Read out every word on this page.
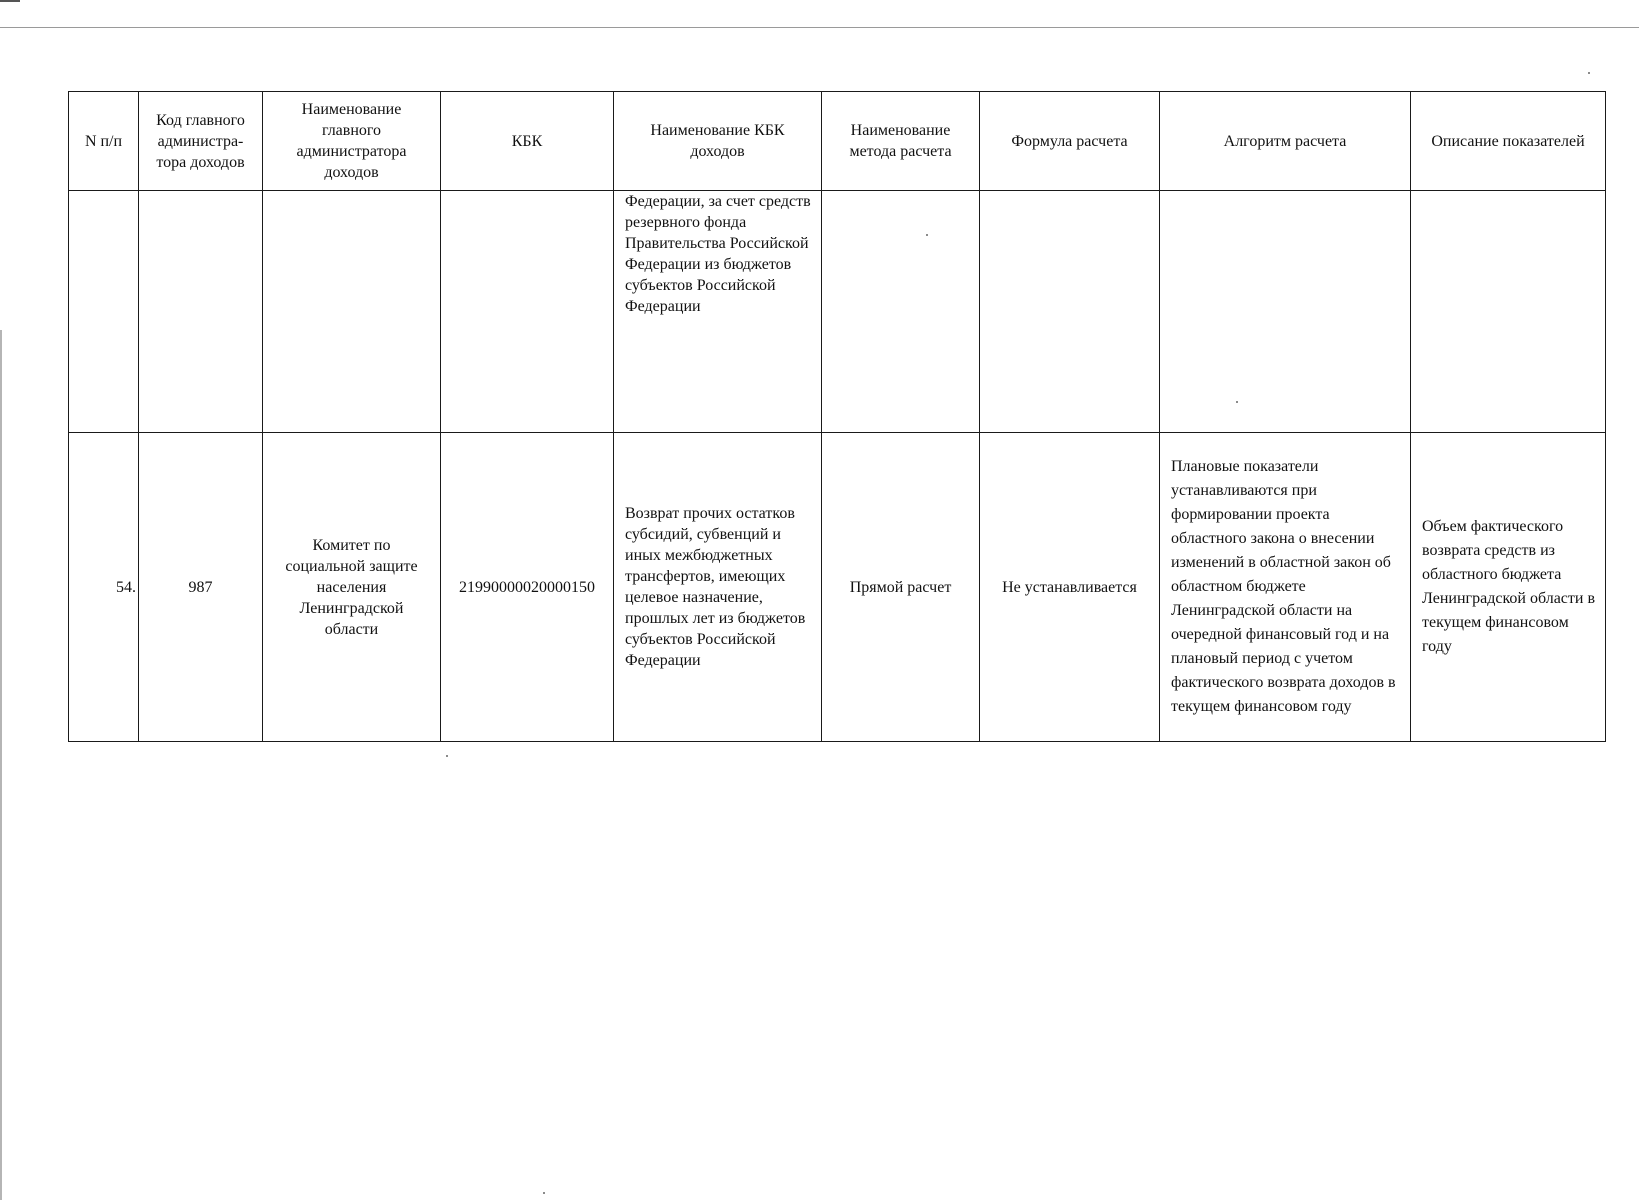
N п/п	Код главного администра-тора доходов	Наименование главного администратора доходов	КБК	Наименование КБК доходов	Наименование метода расчета	Формула расчета	Алгоритм расчета	Описание показателей
				Федерации, за счет средств резервного фонда Правительства Российской Федерации из бюджетов субъектов Российской Федерации				
54.	987	Комитет по социальной защите населения Ленинградской области	21990000020000150	Возврат прочих остатков субсидий, субвенций и иных межбюджетных трансфертов, имеющих целевое назначение, прошлых лет из бюджетов субъектов Российской Федерации	Прямой расчет	Не устанавливается	Плановые показатели устанавливаются при формировании проекта областного закона о внесении изменений в областной закон об областном бюджете Ленинградской области на очередной финансовый год и на плановый период с учетом фактического возврата доходов в текущем финансовом году	Объем фактического возврата средств из областного бюджета Ленинградской области в текущем финансовом году
